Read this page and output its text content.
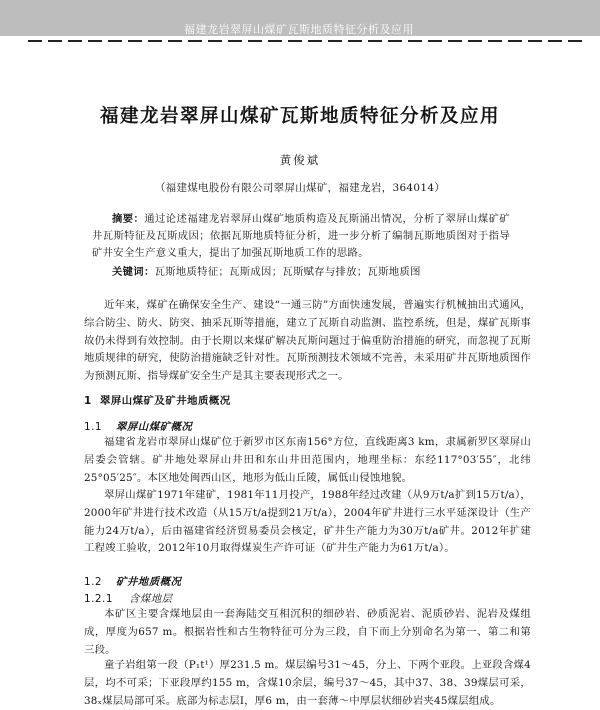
福建龙岩翠屏山煤矿瓦斯地质特征分析及应用
福建龙岩翠屏山煤矿瓦斯地质特征分析及应用
黄俊斌
（福建煤电股份有限公司翠屏山煤矿，福建龙岩，364014）
摘要：通过论述福建龙岩翠屏山煤矿地质构造及瓦斯涌出情况，分析了翠屏山煤矿矿井瓦斯特征及瓦斯成因；依据瓦斯地质特征分析，进一步分析了编制瓦斯地质图对于指导矿井安全生产意义重大，提出了加强瓦斯地质工作的思路。
关键词：瓦斯地质特征；瓦斯成因；瓦斯赋存与排放；瓦斯地质图
近年来，煤矿在确保安全生产、建设“一通三防”方面快速发展，普遍实行机械抽出式通风，综合防尘、防火、防突、抽采瓦斯等措施，建立了瓦斯自动监测、监控系统，但是，煤矿瓦斯事故仍未得到有效控制。由于长期以来煤矿解决瓦斯问题过于偏重防治措施的研究，而忽视了瓦斯地质规律的研究，使防治措施缺乏针对性。瓦斯预测技术领域不完善，未采用矿井瓦斯地质图作为预测瓦斯、指导煤矿安全生产是其主要表现形式之一。
1 翠屏山煤矿及矿井地质概况
1.1 翠屏山煤矿概况
福建省龙岩市翠屏山煤矿位于新罗市区东南156°方位，直线距离3 km，隶属新罗区翠屏山居委会管辖。矿井地处翠屏山井田和东山井田范围内，地理坐标：东经117°03′55″，北纬25°05′25″。本区地处闽西山区，地形为低山丘陵，属低山侵蚀地貌。
翠屏山煤矿1971年建矿，1981年11月投产，1988年经过改建（从9万t/a扩到15万t/a），2000年矿井进行技术改造（从15万t/a提到21万t/a），2004年矿井进行三水平延深设计（生产能力24万t/a），后由福建省经济贸易委员会核定，矿井生产能力为30万t/a矿井。2012年扩建工程竣工验收，2012年10月取得煤炭生产许可证（矿井生产能力为61万t/a）。
1.2 矿井地质概况
1.2.1 含煤地层
本矿区主要含煤地层由一套海陆交互相沉积的细砂岩、砂质泥岩、泥质砂岩、泥岩及煤组成，厚度为657 m。根据岩性和古生物特征可分为三段，自下而上分别命名为第一、第二和第三段。
童子岩组第一段（P₁t¹）厚231.5 m。煤层编号31～45，分上、下两个亚段。上亚段含煤4层，均不可采；下亚段厚约155 m，含煤10余层，编号37～45，其中37、38、39煤层可采，38ₓ煤层局部可采。底部为标志层Ⅰ，厚6 m，由一套薄～中厚层状细砂岩夹45煤层组成。
